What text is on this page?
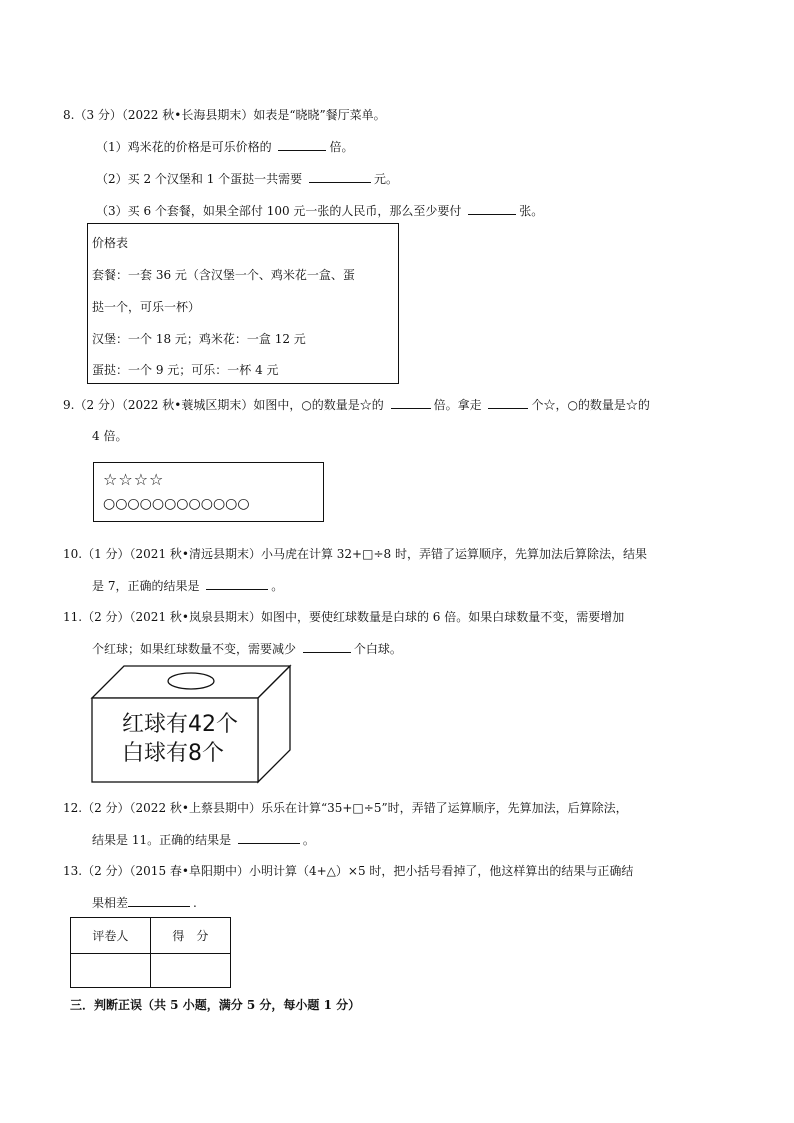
8.（3 分）（2022 秋•长海县期末）如表是“晓晓”餐厅菜单。
（1）鸡米花的价格是可乐价格的	倍。
（2）买 2 个汉堡和 1 个蛋挞一共需要	元。
（3）买 6 个套餐，如果全部付 100 元一张的人民币，那么至少要付	张。
价格表
套餐：一套 36 元（含汉堡一个、鸡米花一盒、蛋
挞一个，可乐一杯）
汉堡：一个 18 元；鸡米花：一盒 12 元
蛋挞：一个 9 元；可乐：一杯 4 元
9.（2 分）（2022 秋•蓑城区期末）如图中，○的数量是☆的	倍。拿走	个☆，○的数量是☆的
4 倍。
☆☆☆☆
○○○○○○○○○○○○
10.（1 分）（2021 秋•清远县期末）小马虎在计算 32+□÷8 时，弄错了运算顺序，先算加法后算除法，结果
是 7，正确的结果是	。
11.（2 分）（2021 秋•岚泉县期末）如图中，要使红球数量是白球的 6 倍。如果白球数量不变，需要增加
个红球；如果红球数量不变，需要减少	个白球。
红球有42个
白球有8个
12.（2 分）（2022 秋•上蔡县期中）乐乐在计算“35+□÷5”时，弄错了运算顺序，先算加法，后算除法，
结果是 11。正确的结果是	。
13.（2 分）（2015 春•阜阳期中）小明计算（4+△）×5 时，把小括号看掉了，他这样算出的结果与正确结
果相差	.
评卷人	得　分

三．判断正误（共 5 小题，满分 5 分，每小题 1 分）
